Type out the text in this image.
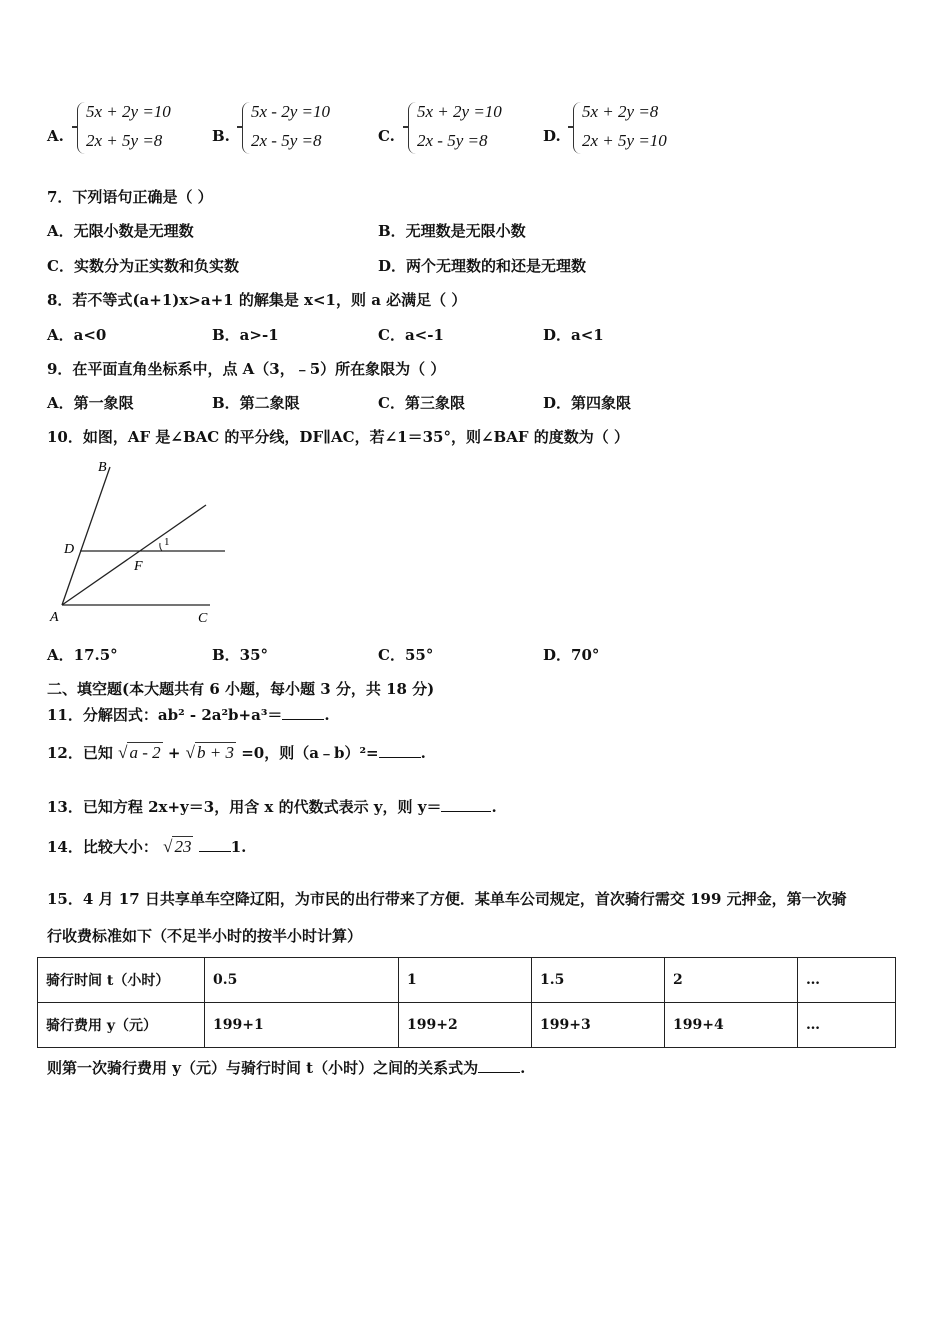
A.
5x + 2y =10
2x + 5y =8	B.
5x - 2y =10
2x - 5y =8	C.
5x + 2y =10
2x - 5y =8	D.
5x + 2y =8
2x + 5y =10
7．下列语句正确是（ ）
A．无限小数是无理数	B．无理数是无限小数
C．实数分为正实数和负实数	D．两个无理数的和还是无理数
8．若不等式(a+1)x>a+1 的解集是 x<1，则 a 必满足（ ）
A．a<0	B．a>-1	C．a<-1	D．a<1
9．在平面直角坐标系中，点 A（3，﹣5）所在象限为（ ）
A．第一象限	B．第二象限	C．第三象限	D．第四象限
10．如图，AF 是∠BAC 的平分线，DF∥AC，若∠1＝35°，则∠BAF 的度数为（ ）
B
D
F
A	C
1
A．17.5°	B．35°	C．55°	D．70°
二、填空题(本大题共有 6 小题，每小题 3 分，共 18 分)
11．分解因式：ab² - 2a²b+a³＝	.
12．已知 √ a - 2 + √ b + 3 =0，则（a﹣b）²=	.
13．已知方程 2x+y＝3，用含 x 的代数式表示 y，则 y＝	.
14．比较大小： √ 23	1.
15．4 月 17 日共享单车空降辽阳，为市民的出行带来了方便．某单车公司规定，首次骑行需交 199 元押金，第一次骑
行收费标准如下（不足半小时的按半小时计算）
骑行时间 t（小时）	0.5	1	1.5	2	…
骑行费用 y（元）	199+1	199+2	199+3	199+4	…
则第一次骑行费用 y（元）与骑行时间 t（小时）之间的关系式为	.
